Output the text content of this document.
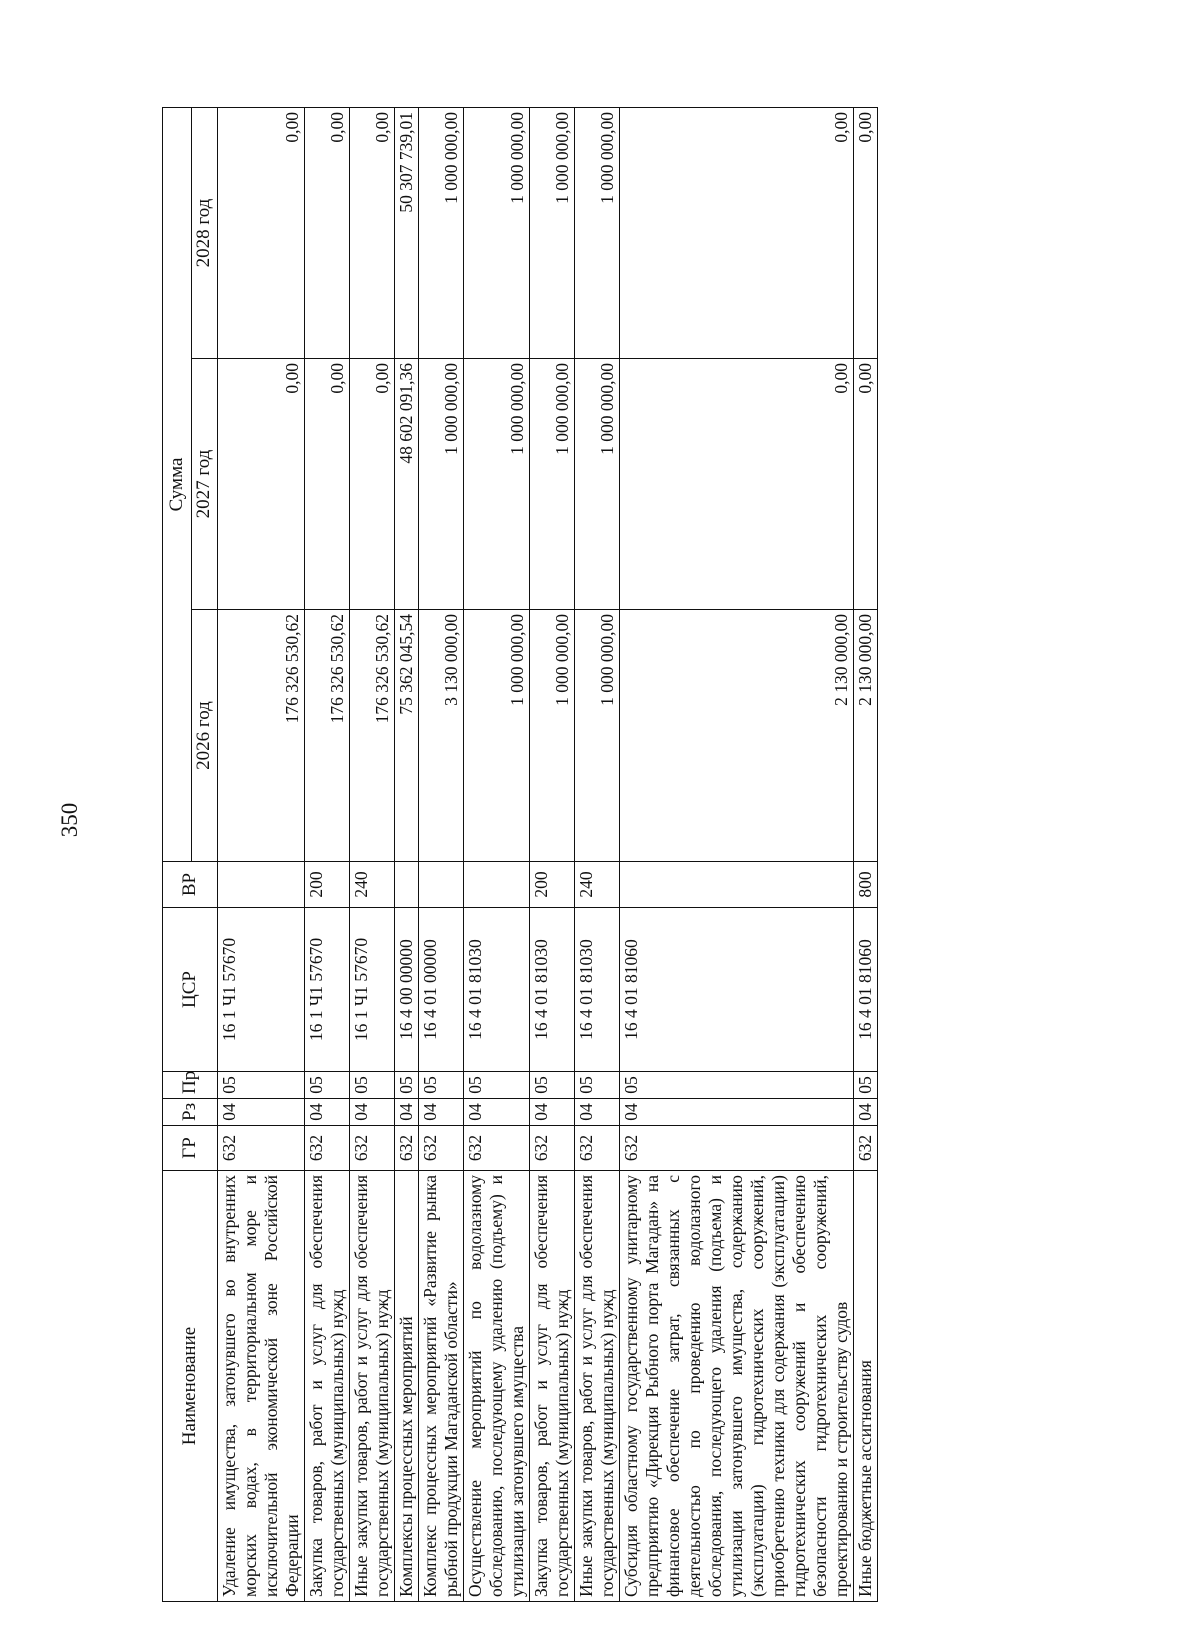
350
Наименование	ГР	Рз	Пр	ЦСР	ВР	Сумма		
						2026 год	2027 год	2028 год
Удаление имущества, затонувшего во внутренних морских водах, в территориальном море и исключительной экономической зоне Российской Федерации	632	04	05	16 1 Ч1 57670		176 326 530,62	0,00	0,00
Закупка товаров, работ и услуг для обеспечения государственных (муниципальных) нужд	632	04	05	16 1 Ч1 57670	200	176 326 530,62	0,00	0,00
Иные закупки товаров, работ и услуг для обеспечения государственных (муниципальных) нужд	632	04	05	16 1 Ч1 57670	240	176 326 530,62	0,00	0,00
Комплексы процессных мероприятий	632	04	05	16 4 00 00000		75 362 045,54	48 602 091,36	50 307 739,01
Комплекс процессных мероприятий «Развитие рынка рыбной продукции Магаданской области»	632	04	05	16 4 01 00000		3 130 000,00	1 000 000,00	1 000 000,00
Осуществление мероприятий по водолазному обследованию, последующему удалению (подъему) и утилизации затонувшего имущества	632	04	05	16 4 01 81030		1 000 000,00	1 000 000,00	1 000 000,00
Закупка товаров, работ и услуг для обеспечения государственных (муниципальных) нужд	632	04	05	16 4 01 81030	200	1 000 000,00	1 000 000,00	1 000 000,00
Иные закупки товаров, работ и услуг для обеспечения государственных (муниципальных) нужд	632	04	05	16 4 01 81030	240	1 000 000,00	1 000 000,00	1 000 000,00
Субсидия областному государственному унитарному предприятию «Дирекция Рыбного порта Магадан» на финансовое обеспечение затрат, связанных с деятельностью по проведению водолазного обследования, последующего удаления (подъема) и утилизации затонувшего имущества, содержанию (эксплуатации) гидротехнических сооружений, приобретению техники для содержания (эксплуатации) гидротехнических сооружений и обеспечению безопасности гидротехнических сооружений, проектированию и строительству судов	632	04	05	16 4 01 81060		2 130 000,00	0,00	0,00
Иные бюджетные ассигнования	632	04	05	16 4 01 81060	800	2 130 000,00	0,00	0,00
